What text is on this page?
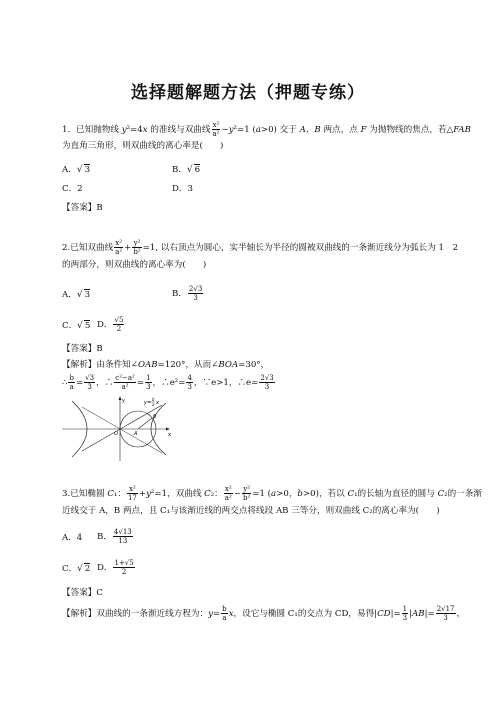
选择题解题方法（押题专练）
1．已知抛物线 y²=4x 的准线与双曲线 $\frac{\text{x²}}{\text{a²}} -y^2=1$ (a>0) 交于 A、B 两点，点 F 为抛物线的焦点，若△FAB
为直角三角形，则双曲线的离心率是(　　)
A．√ 3	B．√ 6
C．2	D．3
【答案】B
2.已知双曲线 $\frac{\text{x²}}{\text{a²}} + \frac{\text{y²}}{\text{b²}} =1$, 以右顶点为圆心，实半轴长为半径的圆被双曲线的一条渐近线分为弧长为 1　2
的两部分，则双曲线的离心率为(　　)
A．√ 3	B． $\frac{2√3}{3}$
C．√ 5 D． $\frac{√5}{2}$
【答案】B
【解析】由条件知∠OAB=120°，从而∠BOA=30°，
∴ $\frac{b}{a} = \frac{√3}{3}$ ，∴ $\frac{\text{c²−a²}}{\text{a²}} = \frac{1}{3}$ ，∴e²= $\frac{4}{3}$ ，∵e>1，∴e= $\frac{2√3}{3}$
y
x
O	A
B
y=
b
a x
3.已知椭圆 C₁： $\frac{\text{x²}}{17} +y^2=1$，双曲线 C₂： $\frac{\text{x²}}{\text{a²}} - \frac{\text{y²}}{\text{b²}} =1$ (a>0，b>0)，若以 C₁的长轴为直径的圆与 C₂的一条渐
近线交于 A，B 两点，且 C₁与该渐近线的两交点将线段 AB 三等分，则双曲线 C₂的离心率为(　　)
A．4 B． $\frac{4√13}{13}$
C．√ 2 D． $\frac{1+√5}{2}$
【答案】C
【解析】双曲线的一条渐近线方程为：$y= \frac{b}{a}$ x，设它与椭圆 C₁的交点为 CD，易得$|CD|= \frac{1}{3} |AB|= \frac{2√17}{3}$ ，
